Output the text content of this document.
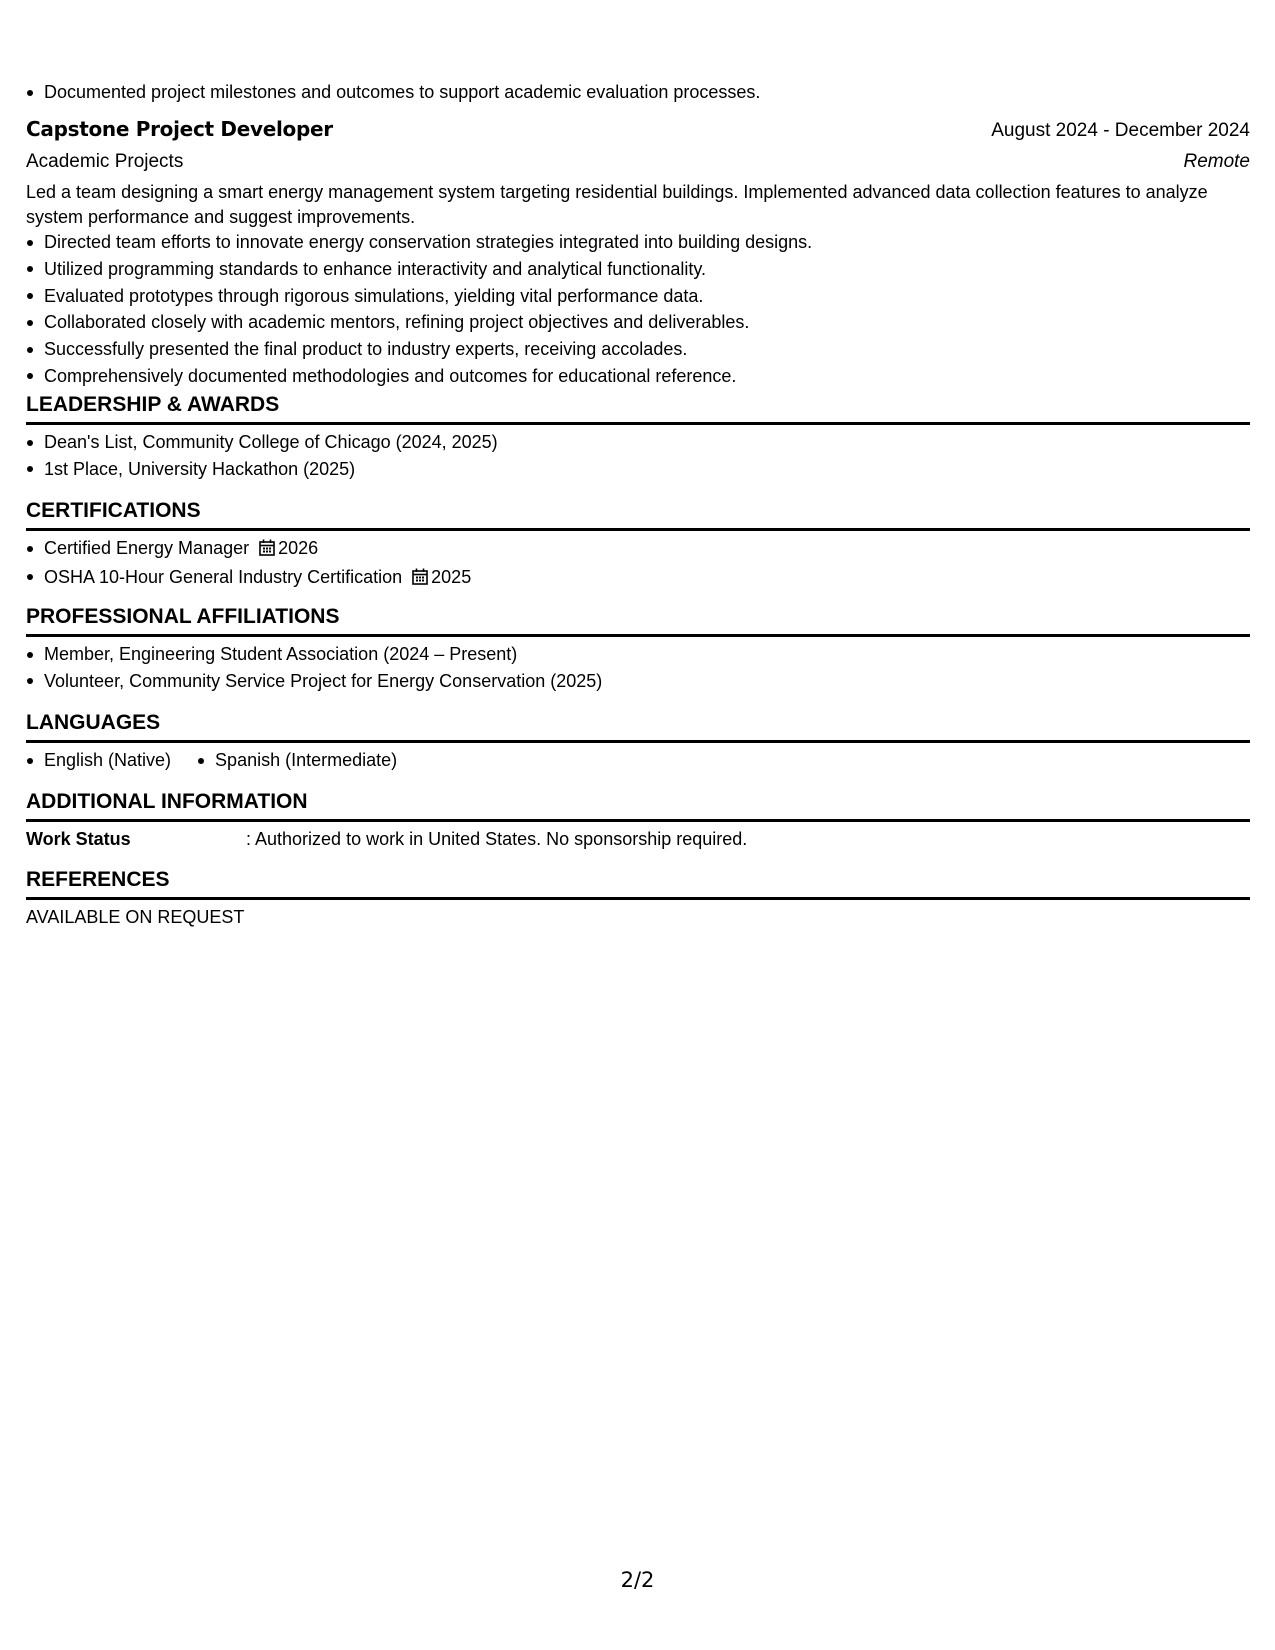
Documented project milestones and outcomes to support academic evaluation processes.
Capstone Project Developer	August 2024 - December 2024
Academic Projects	Remote
Led a team designing a smart energy management system targeting residential buildings. Implemented advanced data collection features to analyze system performance and suggest improvements.
Directed team efforts to innovate energy conservation strategies integrated into building designs.
Utilized programming standards to enhance interactivity and analytical functionality.
Evaluated prototypes through rigorous simulations, yielding vital performance data.
Collaborated closely with academic mentors, refining project objectives and deliverables.
Successfully presented the final product to industry experts, receiving accolades.
Comprehensively documented methodologies and outcomes for educational reference.
LEADERSHIP & AWARDS
Dean's List, Community College of Chicago (2024, 2025)
1st Place, University Hackathon (2025)
CERTIFICATIONS
Certified Energy Manager 2026
OSHA 10-Hour General Industry Certification 2025
PROFESSIONAL AFFILIATIONS
Member, Engineering Student Association (2024 – Present)
Volunteer, Community Service Project for Energy Conservation (2025)
LANGUAGES
English (Native)	Spanish (Intermediate)
ADDITIONAL INFORMATION
Work Status	: Authorized to work in United States. No sponsorship required.
REFERENCES
AVAILABLE ON REQUEST
2/2
